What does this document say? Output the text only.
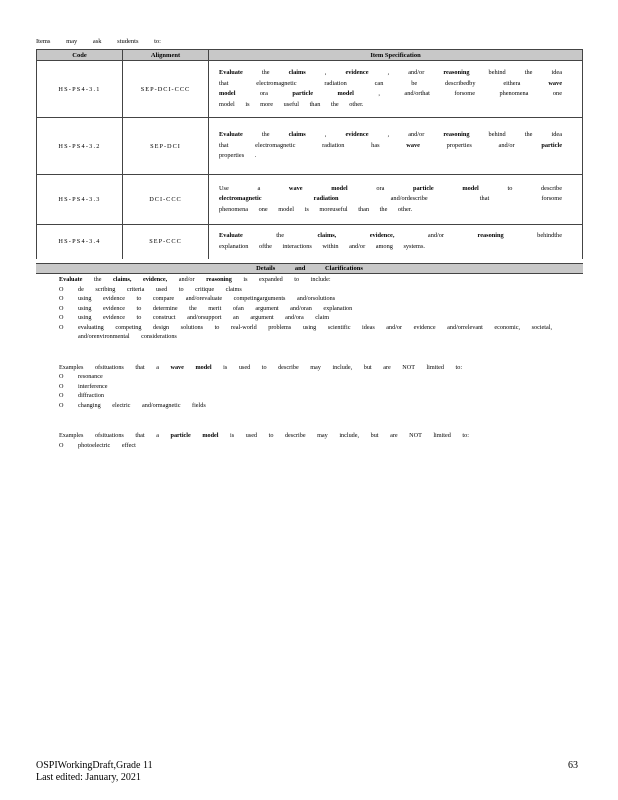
Items may ask students to:
Code	Alignment	Item Specification
HS-PS4-3.1	SEP-DCI-CCC	Evaluate the claims , evidence , and/or reasoning behind the idea
that electromagnetic radiation can be describedby eithera wave
model ora particle model , and/orthat forsome phenomena one
model is more useful than the other.

HS-PS4-3.2	SEP-DCI	Evaluate the claims , evidence , and/or reasoning behind the idea
that electromagnetic radiation has wave properties and/or particle
properties .

HS-PS4-3.3	DCI-CCC	Use a wave model ora particle model to describe
electromagnetic radiation and/ordescribe that forsome
phenomena one model is moreuseful than the other.

HS-PS4-3.4	SEP-CCC	Evaluate the claims, evidence, and/or reasoning behindthe
explanation ofthe interactions within and/or among systems.
Details and Clarifications
Evaluate the claims, evidence, and/or reasoning is expanded to include:
O de scribing criteria used to critique claims
O using evidence to compare and/orevaluate competingarguments and/orsolutions
O using evidence to determine the merit ofan argument and/oran explanation
O using evidence to construct and/orsupport an argument and/ora claim
O evaluating competing design solutions to real-world problems using scientific ideas and/or evidence and/orrelevant economic, societal, and/orenvironmental considerations
Examples ofsituations that a wave model is used to describe may include, but are NOT limited to:
O resonance
O interference
O diffraction
O changing electric and/ormagnetic fields
Examples ofsituations that a particle model is used to describe may include, but are NOT limited to:
O photoelectric effect
OSPIWorkingDraft,Grade 11
Last edited: January, 2021
63
